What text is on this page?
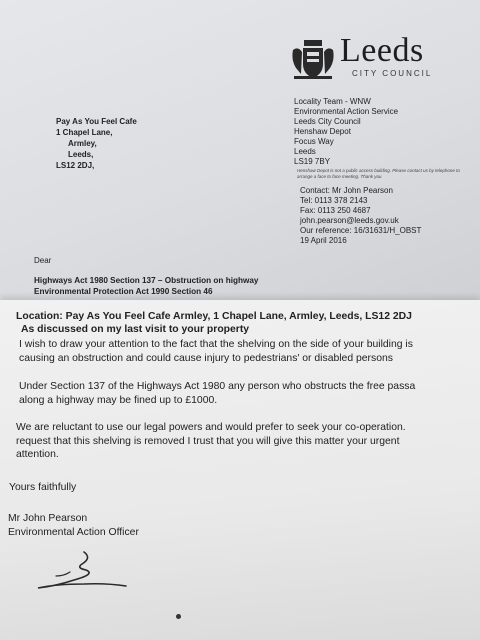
Leeds
CITY COUNCIL
Pay As You Feel Cafe
1 Chapel Lane,
Armley,
Leeds,
LS12 2DJ,
Locality Team - WNW
Environmental Action Service
Leeds City Council
Henshaw Depot
Focus Way
Leeds
LS19 7BY
Henshaw Depot is not a public access building. Please contact us by telephone to arrange a face to face meeting. Thank you
Contact: Mr John Pearson
Tel: 0113 378 2143
Fax: 0113 250 4687
john.pearson@leeds.gov.uk
Our reference: 16/31631/H_OBST
19 April 2016
Dear
Highways Act 1980 Section 137 – Obstruction on highway
Environmental Protection Act 1990 Section 46
Location: Pay As You Feel Cafe Armley, 1 Chapel Lane, Armley, Leeds, LS12 2DJ
As discussed on my last visit to your property
I wish to draw your attention to the fact that the shelving on the side of your building is
causing an obstruction and could cause injury to pedestrians' or disabled persons
Under Section 137 of the Highways Act 1980 any person who obstructs the free passa
along a highway may be fined up to £1000.
We are reluctant to use our legal powers and would prefer to seek your co-operation.
request that this shelving is removed I trust that you will give this matter your urgent
attention.
Yours faithfully
Mr John Pearson
Environmental Action Officer
